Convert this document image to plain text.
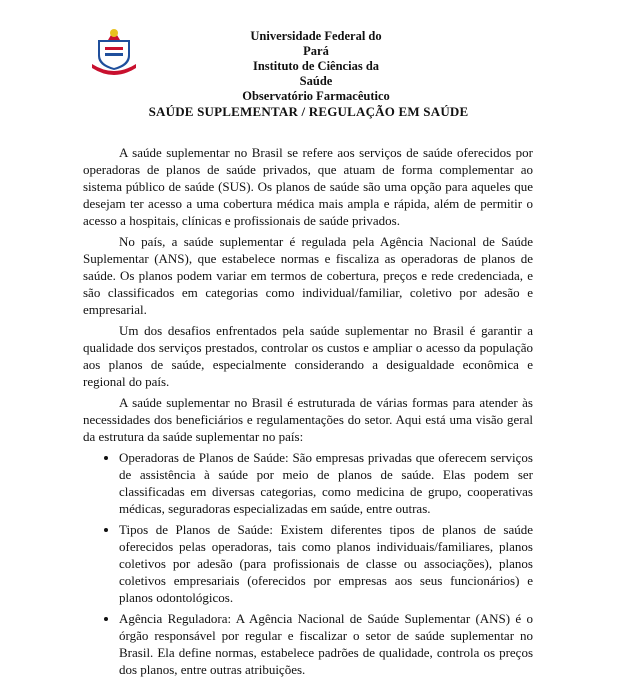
Universidade Federal do Pará
Instituto de Ciências da Saúde
Observatório Farmacêutico
SAÚDE SUPLEMENTAR / REGULAÇÃO EM SAÚDE

A saúde suplementar no Brasil se refere aos serviços de saúde oferecidos por operadoras de planos de saúde privados, que atuam de forma complementar ao sistema público de saúde (SUS). Os planos de saúde são uma opção para aqueles que desejam ter acesso a uma cobertura médica mais ampla e rápida, além de permitir o acesso a hospitais, clínicas e profissionais de saúde privados.

No país, a saúde suplementar é regulada pela Agência Nacional de Saúde Suplementar (ANS), que estabelece normas e fiscaliza as operadoras de planos de saúde. Os planos podem variar em termos de cobertura, preços e rede credenciada, e são classificados em categorias como individual/familiar, coletivo por adesão e empresarial.

Um dos desafios enfrentados pela saúde suplementar no Brasil é garantir a qualidade dos serviços prestados, controlar os custos e ampliar o acesso da população aos planos de saúde, especialmente considerando a desigualdade econômica e regional do país.

A saúde suplementar no Brasil é estruturada de várias formas para atender às necessidades dos beneficiários e regulamentações do setor. Aqui está uma visão geral da estrutura da saúde suplementar no país:

• Operadoras de Planos de Saúde: São empresas privadas que oferecem serviços de assistência à saúde por meio de planos de saúde. Elas podem ser classificadas em diversas categorias, como medicina de grupo, cooperativas médicas, seguradoras especializadas em saúde, entre outras.
• Tipos de Planos de Saúde: Existem diferentes tipos de planos de saúde oferecidos pelas operadoras, tais como planos individuais/familiares, planos coletivos por adesão (para profissionais de classe ou associações), planos coletivos empresariais (oferecidos por empresas aos seus funcionários) e planos odontológicos.
• Agência Reguladora: A Agência Nacional de Saúde Suplementar (ANS) é o órgão responsável por regular e fiscalizar o setor de saúde suplementar no Brasil. Ela define normas, estabelece padrões de qualidade, controla os preços dos planos, entre outras atribuições.
